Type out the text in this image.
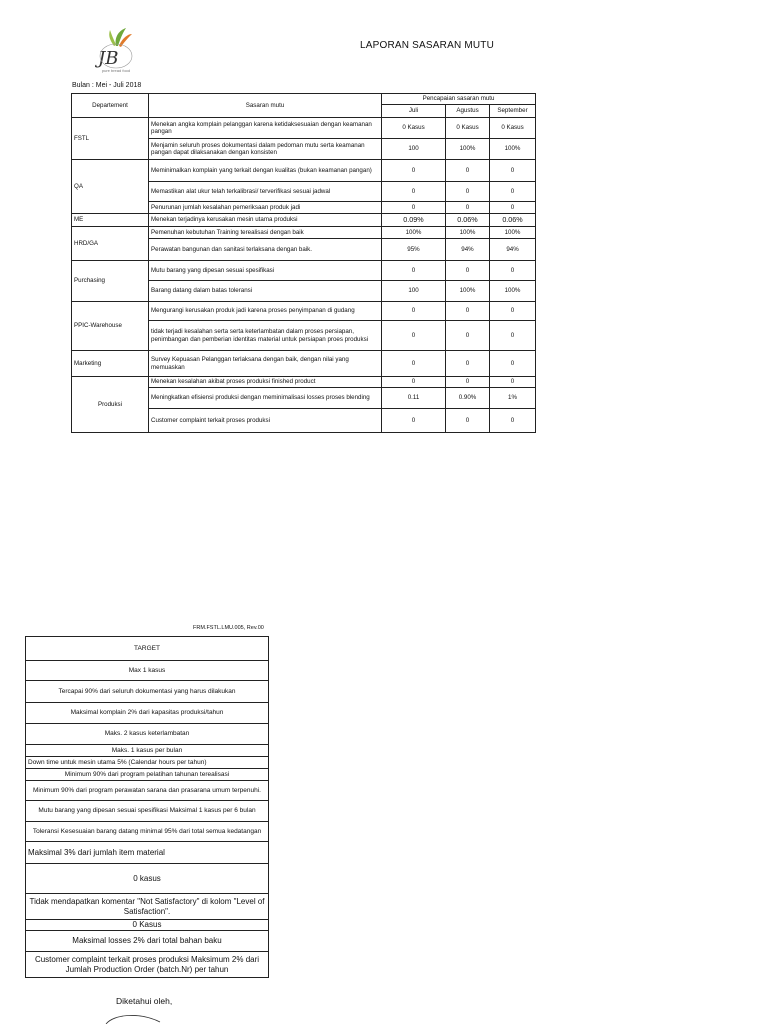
JB
pure bread food
LAPORAN SASARAN MUTU
Bulan : Mei - Juli 2018
Departement	Sasaran mutu	Pencapaian sasaran mutu		
		Juli	Agustus	September
FSTL	Menekan angka komplain pelanggan karena ketidaksesuaian dengan keamanan pangan	0 Kasus	0 Kasus	0 Kasus
	Menjamin seluruh proses dokumentasi dalam pedoman mutu serta keamanan pangan dapat dilaksanakan dengan konsisten	100	100%	100%
QA	Meminimalkan komplain yang terkait dengan kualitas (bukan keamanan pangan)	0	0	0
	Memastikan alat ukur telah terkalibrasi/ terverifikasi sesuai jadwal	0	0	0
	Penurunan jumlah kesalahan pemeriksaan produk jadi	0	0	0
ME	Menekan terjadinya kerusakan mesin utama produksi	0.09%	0.06%	0.06%
HRD/GA	Pemenuhan kebutuhan Training terealisasi dengan baik	100%	100%	100%
	Perawatan bangunan dan sanitasi terlaksana dengan baik.	95%	94%	94%
Purchasing	Mutu barang yang dipesan sesuai spesifikasi	0	0	0
	Barang datang dalam batas toleransi	100	100%	100%
PPIC-Warehouse	Mengurangi kerusakan produk jadi karena proses penyimpanan di gudang	0	0	0
	tidak terjadi kesalahan serta serta keterlambatan dalam proses persiapan, penimbangan dan pemberian identitas material untuk persiapan proes produksi	0	0	0
Marketing	Survey Kepuasan Pelanggan terlaksana dengan baik, dengan nilai yang memuaskan	0	0	0
Produksi	Menekan kesalahan akibat proses produksi finished product	0	0	0
	Meningkatkan efisiensi produksi dengan meminimalisasi losses proses blending	0.11	0.90%	1%
	Customer complaint terkait proses produksi	0	0	0
FRM.FSTL.LMU.005, Rev.00
TARGET
Max 1 kasus
Tercapai 90% dari seluruh dokumentasi yang harus dilakukan
Maksimal komplain 2% dari kapasitas produksi/tahun
Maks. 2 kasus keterlambatan
Maks. 1 kasus per bulan
Down time untuk mesin utama 5% (Calendar hours per tahun)
Minimum 90% dari program pelatihan tahunan terealisasi
Minimum 90% dari program perawatan sarana dan prasarana umum terpenuhi.
Mutu barang yang dipesan sesuai spesifikasi Maksimal 1 kasus per 6 bulan
Toleransi Kesesuaian barang datang minimal 95% dari total semua kedatangan
Maksimal 3% dari jumlah item material
0 kasus
Tidak mendapatkan komentar "Not Satisfactory" di kolom "Level of Satisfaction".
0 Kasus
Maksimal losses 2% dari total bahan baku
Customer complaint terkait proses produksi Maksimum 2% dari Jumlah Production Order (batch.Nr) per tahun
Diketahui oleh,
